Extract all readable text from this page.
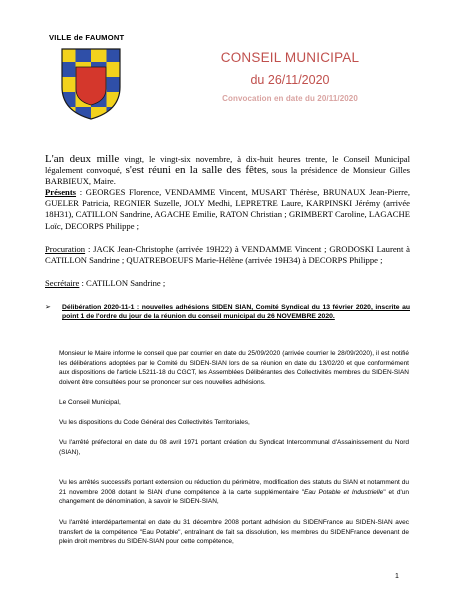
VILLE de FAUMONT
CONSEIL MUNICIPAL
du 26/11/2020
Convocation en date du 20/11/2020
L'an deux mille vingt, le vingt-six novembre, à dix-huit heures trente, le Conseil Municipal légalement convoqué, s'est réuni en la salle des fêtes, sous la présidence de Monsieur Gilles BARBIEUX, Maire.
Présents : GEORGES Florence, VENDAMME Vincent, MUSART Thérèse, BRUNAUX Jean-Pierre, GUELER Patricia, REGNIER Suzelle, JOLY Medhi, LEPRETRE Laure, KARPINSKI Jérémy (arrivée 18H31), CATILLON Sandrine, AGACHE Emilie, RATON Christian ; GRIMBERT Caroline, LAGACHE Loïc, DECORPS Philippe ;
Procuration : JACK Jean-Christophe (arrivée 19H22) à VENDAMME Vincent ; GRODOSKI Laurent à CATILLON Sandrine ; QUATREBOEUFS Marie-Hélène (arrivée 19H34) à DECORPS Philippe ;
Secrétaire : CATILLON Sandrine ;
➢ Délibération 2020-11-1 : nouvelles adhésions SIDEN SIAN, Comité Syndical du 13 février 2020, inscrite au point 1 de l'ordre du jour de la réunion du conseil municipal du 26 NOVEMBRE 2020.
Monsieur le Maire informe le conseil que par courrier en date du 25/09/2020 (arrivée courrier le 28/09/2020), il est notifié les délibérations adoptées par le Comité du SIDEN-SIAN lors de sa réunion en date du 13/02/20 et que conformément aux dispositions de l'article L5211-18 du CGCT, les Assemblées Délibérantes des Collectivités membres du SIDEN-SIAN doivent être consultées pour se prononcer sur ces nouvelles adhésions.
Le Conseil Municipal,
Vu les dispositions du Code Général des Collectivités Territoriales,
Vu l'arrêté préfectoral en date du 08 avril 1971 portant création du Syndicat Intercommunal d'Assainissement du Nord (SIAN),
Vu les arrêtés successifs portant extension ou réduction du périmètre, modification des statuts du SIAN et notamment du 21 novembre 2008 dotant le SIAN d'une compétence à la carte supplémentaire "Eau Potable et Industrielle" et d'un changement de dénomination, à savoir le SIDEN-SIAN,
Vu l'arrêté interdépartemental en date du 31 décembre 2008 portant adhésion du SIDENFrance au SIDEN-SIAN avec transfert de la compétence "Eau Potable", entraînant de fait sa dissolution, les membres du SIDENFrance devenant de plein droit membres du SIDEN-SIAN pour cette compétence,
1
